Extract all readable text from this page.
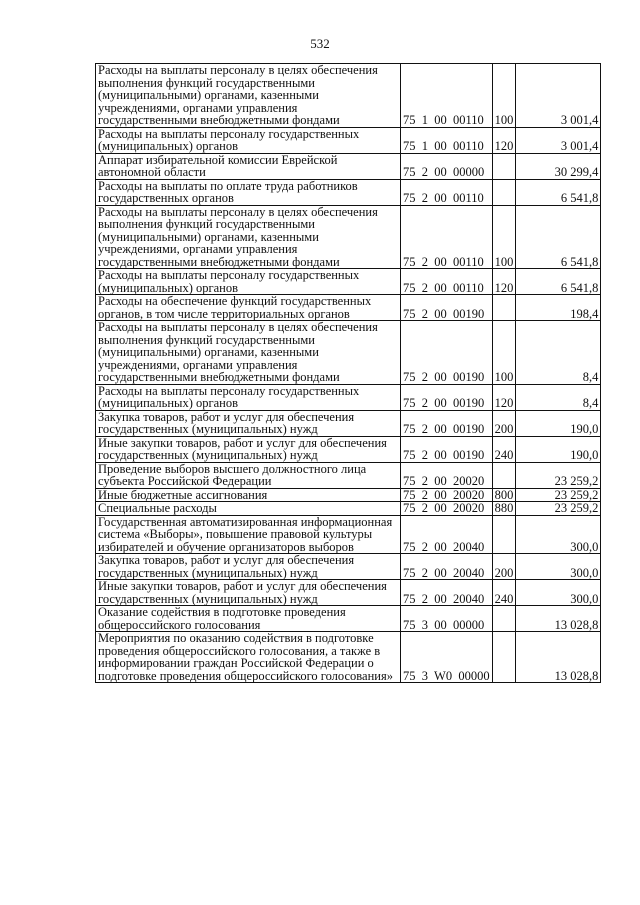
532
Расходы на выплаты персоналу в целях обеспечения выполнения функций государственными (муниципальными) органами, казенными учреждениями, органами управления государственными внебюджетными фондами	75  1  00  00110	100	3 001,4
Расходы на выплаты персоналу государственных (муниципальных) органов	75  1  00  00110	120	3 001,4
Аппарат избирательной комиссии Еврейской автономной области	75  2  00  00000		30 299,4
Расходы на выплаты по оплате труда работников государственных органов	75  2  00  00110		6 541,8
Расходы на выплаты персоналу в целях обеспечения выполнения функций государственными (муниципальными) органами, казенными учреждениями, органами управления государственными внебюджетными фондами	75  2  00  00110	100	6 541,8
Расходы на выплаты персоналу государственных (муниципальных) органов	75  2  00  00110	120	6 541,8
Расходы на обеспечение функций государственных органов, в том числе территориальных органов	75  2  00  00190		198,4
Расходы на выплаты персоналу в целях обеспечения выполнения функций государственными (муниципальными) органами, казенными учреждениями, органами управления государственными внебюджетными фондами	75  2  00  00190	100	8,4
Расходы на выплаты персоналу государственных (муниципальных) органов	75  2  00  00190	120	8,4
Закупка товаров, работ и услуг для обеспечения государственных (муниципальных) нужд	75  2  00  00190	200	190,0
Иные закупки товаров, работ и услуг для обеспечения государственных (муниципальных) нужд	75  2  00  00190	240	190,0
Проведение выборов высшего должностного лица субъекта Российской Федерации	75  2  00  20020		23 259,2
Иные бюджетные ассигнования	75  2  00  20020	800	23 259,2
Специальные расходы	75  2  00  20020	880	23 259,2
Государственная автоматизированная информационная система «Выборы», повышение правовой культуры избирателей и обучение организаторов выборов	75  2  00  20040		300,0
Закупка товаров, работ и услуг для обеспечения государственных (муниципальных) нужд	75  2  00  20040	200	300,0
Иные закупки товаров, работ и услуг для обеспечения государственных (муниципальных) нужд	75  2  00  20040	240	300,0
Оказание содействия в подготовке проведения общероссийского голосования	75  3  00  00000		13 028,8
Мероприятия по оказанию содействия в подготовке проведения общероссийского голосования, а также в информировании граждан Российской Федерации о подготовке проведения общероссийского голосования»	75  3  W0  00000		13 028,8
